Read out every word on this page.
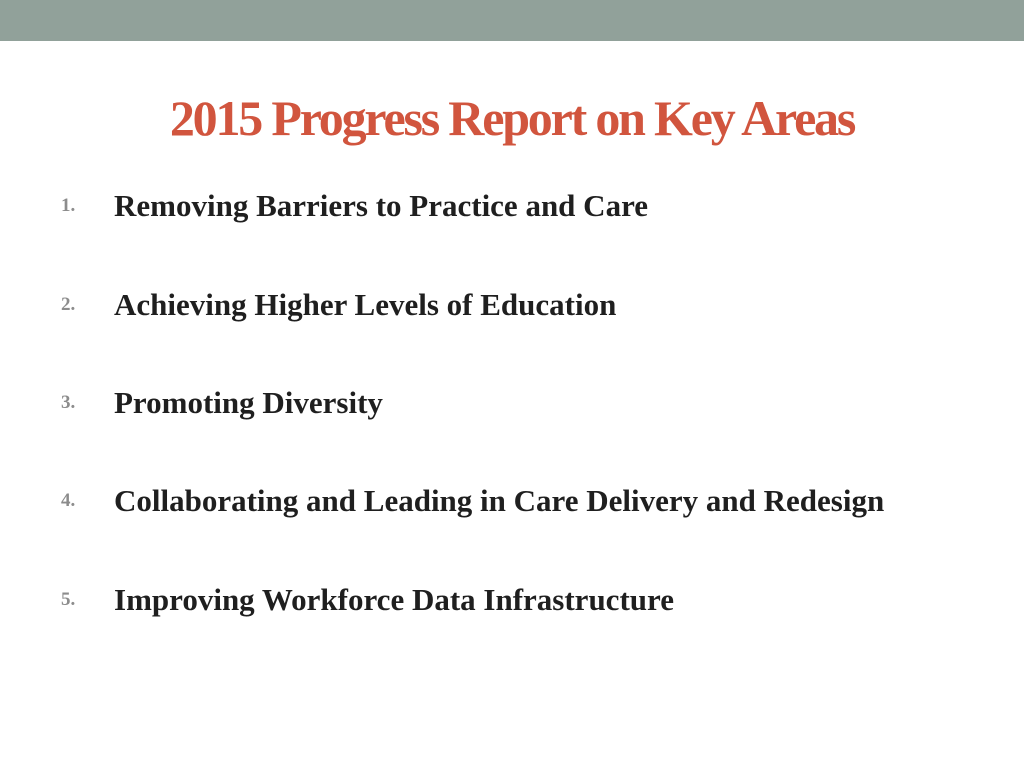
2015 Progress Report on Key Areas
1. Removing Barriers to Practice and Care
2. Achieving Higher Levels of Education
3. Promoting Diversity
4. Collaborating and Leading in Care Delivery and Redesign
5. Improving Workforce Data Infrastructure
